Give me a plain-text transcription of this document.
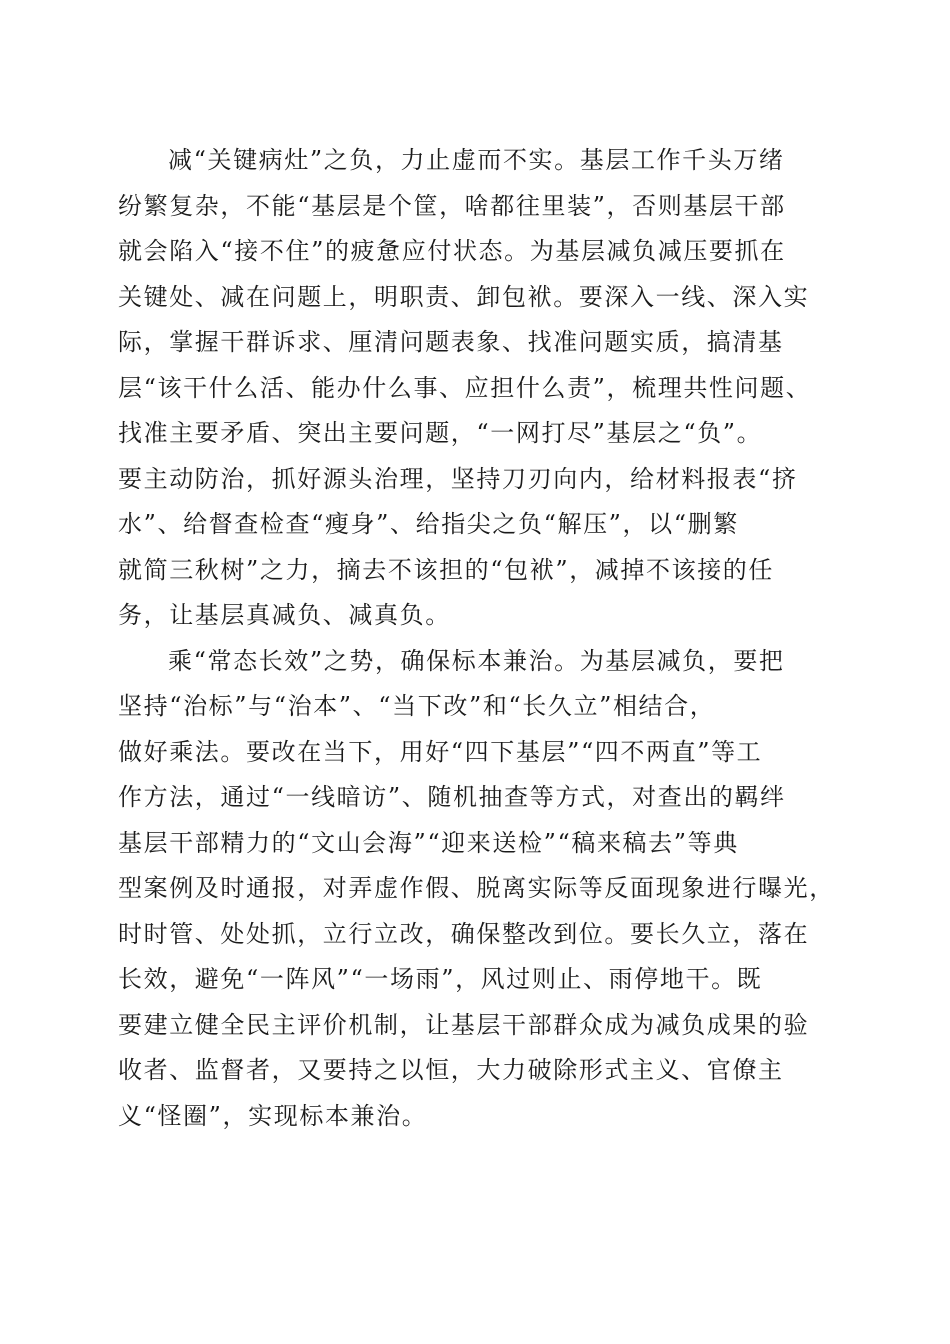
减“关键病灶”之负，力止虚而不实。基层工作千头万绪
纷繁复杂，不能“基层是个筐，啥都往里装”，否则基层干部
就会陷入“接不住”的疲惫应付状态。为基层减负减压要抓在
关键处、减在问题上，明职责、卸包袱。要深入一线、深入实
际，掌握干群诉求、厘清问题表象、找准问题实质，搞清基
层“该干什么活、能办什么事、应担什么责”，梳理共性问题、
找准主要矛盾、突出主要问题，“一网打尽”基层之“负”。
要主动防治，抓好源头治理，坚持刀刃向内，给材料报表“挤
水”、给督查检查“瘦身”、给指尖之负“解压”，以“删繁
就简三秋树”之力，摘去不该担的“包袱”，减掉不该接的任
务，让基层真减负、减真负。
乘“常态长效”之势，确保标本兼治。为基层减负，要把
坚持“治标”与“治本”、“当下改”和“长久立”相结合，
做好乘法。要改在当下，用好“四下基层”“四不两直”等工
作方法，通过“一线暗访”、随机抽查等方式，对查出的羁绊
基层干部精力的“文山会海”“迎来送检”“稿来稿去”等典
型案例及时通报，对弄虚作假、脱离实际等反面现象进行曝光，
时时管、处处抓，立行立改，确保整改到位。要长久立，落在
长效，避免“一阵风”“一场雨”，风过则止、雨停地干。既
要建立健全民主评价机制，让基层干部群众成为减负成果的验
收者、监督者，又要持之以恒，大力破除形式主义、官僚主
义“怪圈”，实现标本兼治。
